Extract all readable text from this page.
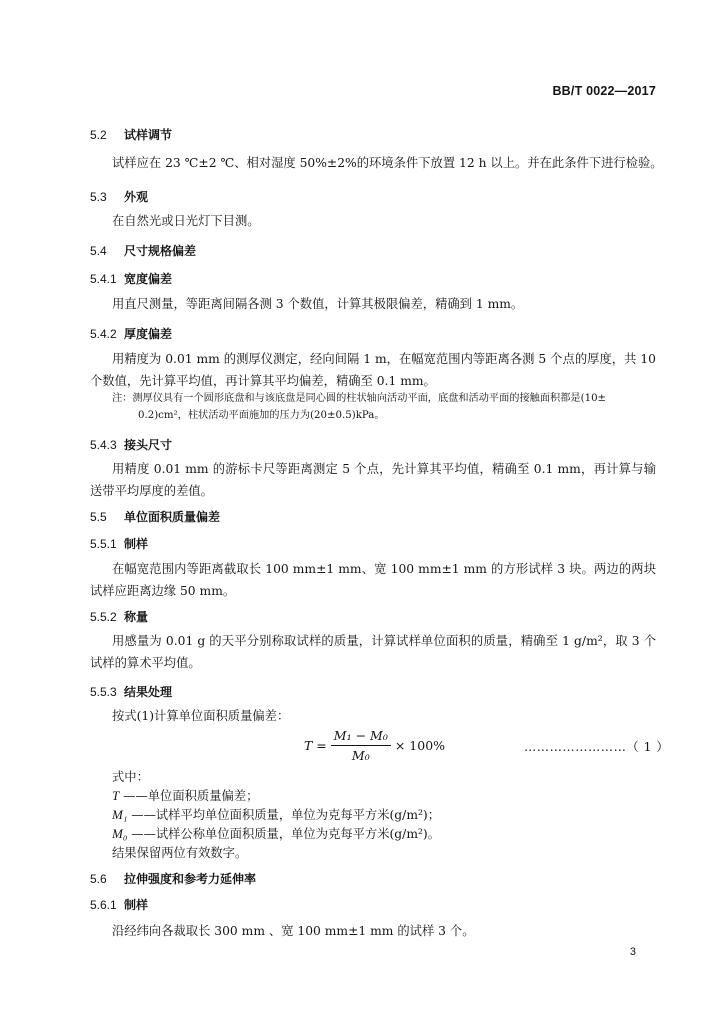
BB/T 0022—2017
5.2 试样调节
试样应在 23 ℃±2 ℃、相对湿度 50%±2%的环境条件下放置 12 h 以上。并在此条件下进行检验。
5.3 外观
在自然光或日光灯下目测。
5.4 尺寸规格偏差
5.4.1 宽度偏差
用直尺测量，等距离间隔各测 3 个数值，计算其极限偏差，精确到 1 mm。
5.4.2 厚度偏差

用精度为 0.01 mm 的测厚仪测定，经向间隔 1 m，在幅宽范围内等距离各测 5 个点的厚度，共 10 个数值，先计算平均值，再计算其平均偏差，精确至 0.1 mm。

注：测厚仪具有一个圆形底盘和与该底盘是同心圆的柱状轴向活动平面，底盘和活动平面的接触面积都是(10±
0.2)cm²，柱状活动平面施加的压力为(20±0.5)kPa。
5.4.3 接头尺寸

用精度 0.01 mm 的游标卡尺等距离测定 5 个点，先计算其平均值，精确至 0.1 mm，再计算与输送带平均厚度的差值。

5.5 单位面积质量偏差
5.5.1 制样

在幅宽范围内等距离截取长 100 mm±1 mm、宽 100 mm±1 mm 的方形试样 3 块。两边的两块试样应距离边缘 50 mm。

5.5.2 称量

用感量为 0.01 g 的天平分别称取试样的质量，计算试样单位面积的质量，精确至 1 g/m²，取 3 个试样的算术平均值。

5.5.3 结果处理
按式(1)计算单位面积质量偏差：
$T = \frac{\text{M₁ − M₀}}{\text{M₀}} \times 100\%$	……………………（ 1 ）
式中：
T ——单位面积质量偏差；
M₁ ——试样平均单位面积质量，单位为克每平方米(g/m²)；
M₀ ——试样公称单位面积质量，单位为克每平方米(g/m²)。
结果保留两位有效数字。
5.6 拉伸强度和参考力延伸率
5.6.1 制样
沿经纬向各裁取长 300 mm 、宽 100 mm±1 mm 的试样 3 个。
3
